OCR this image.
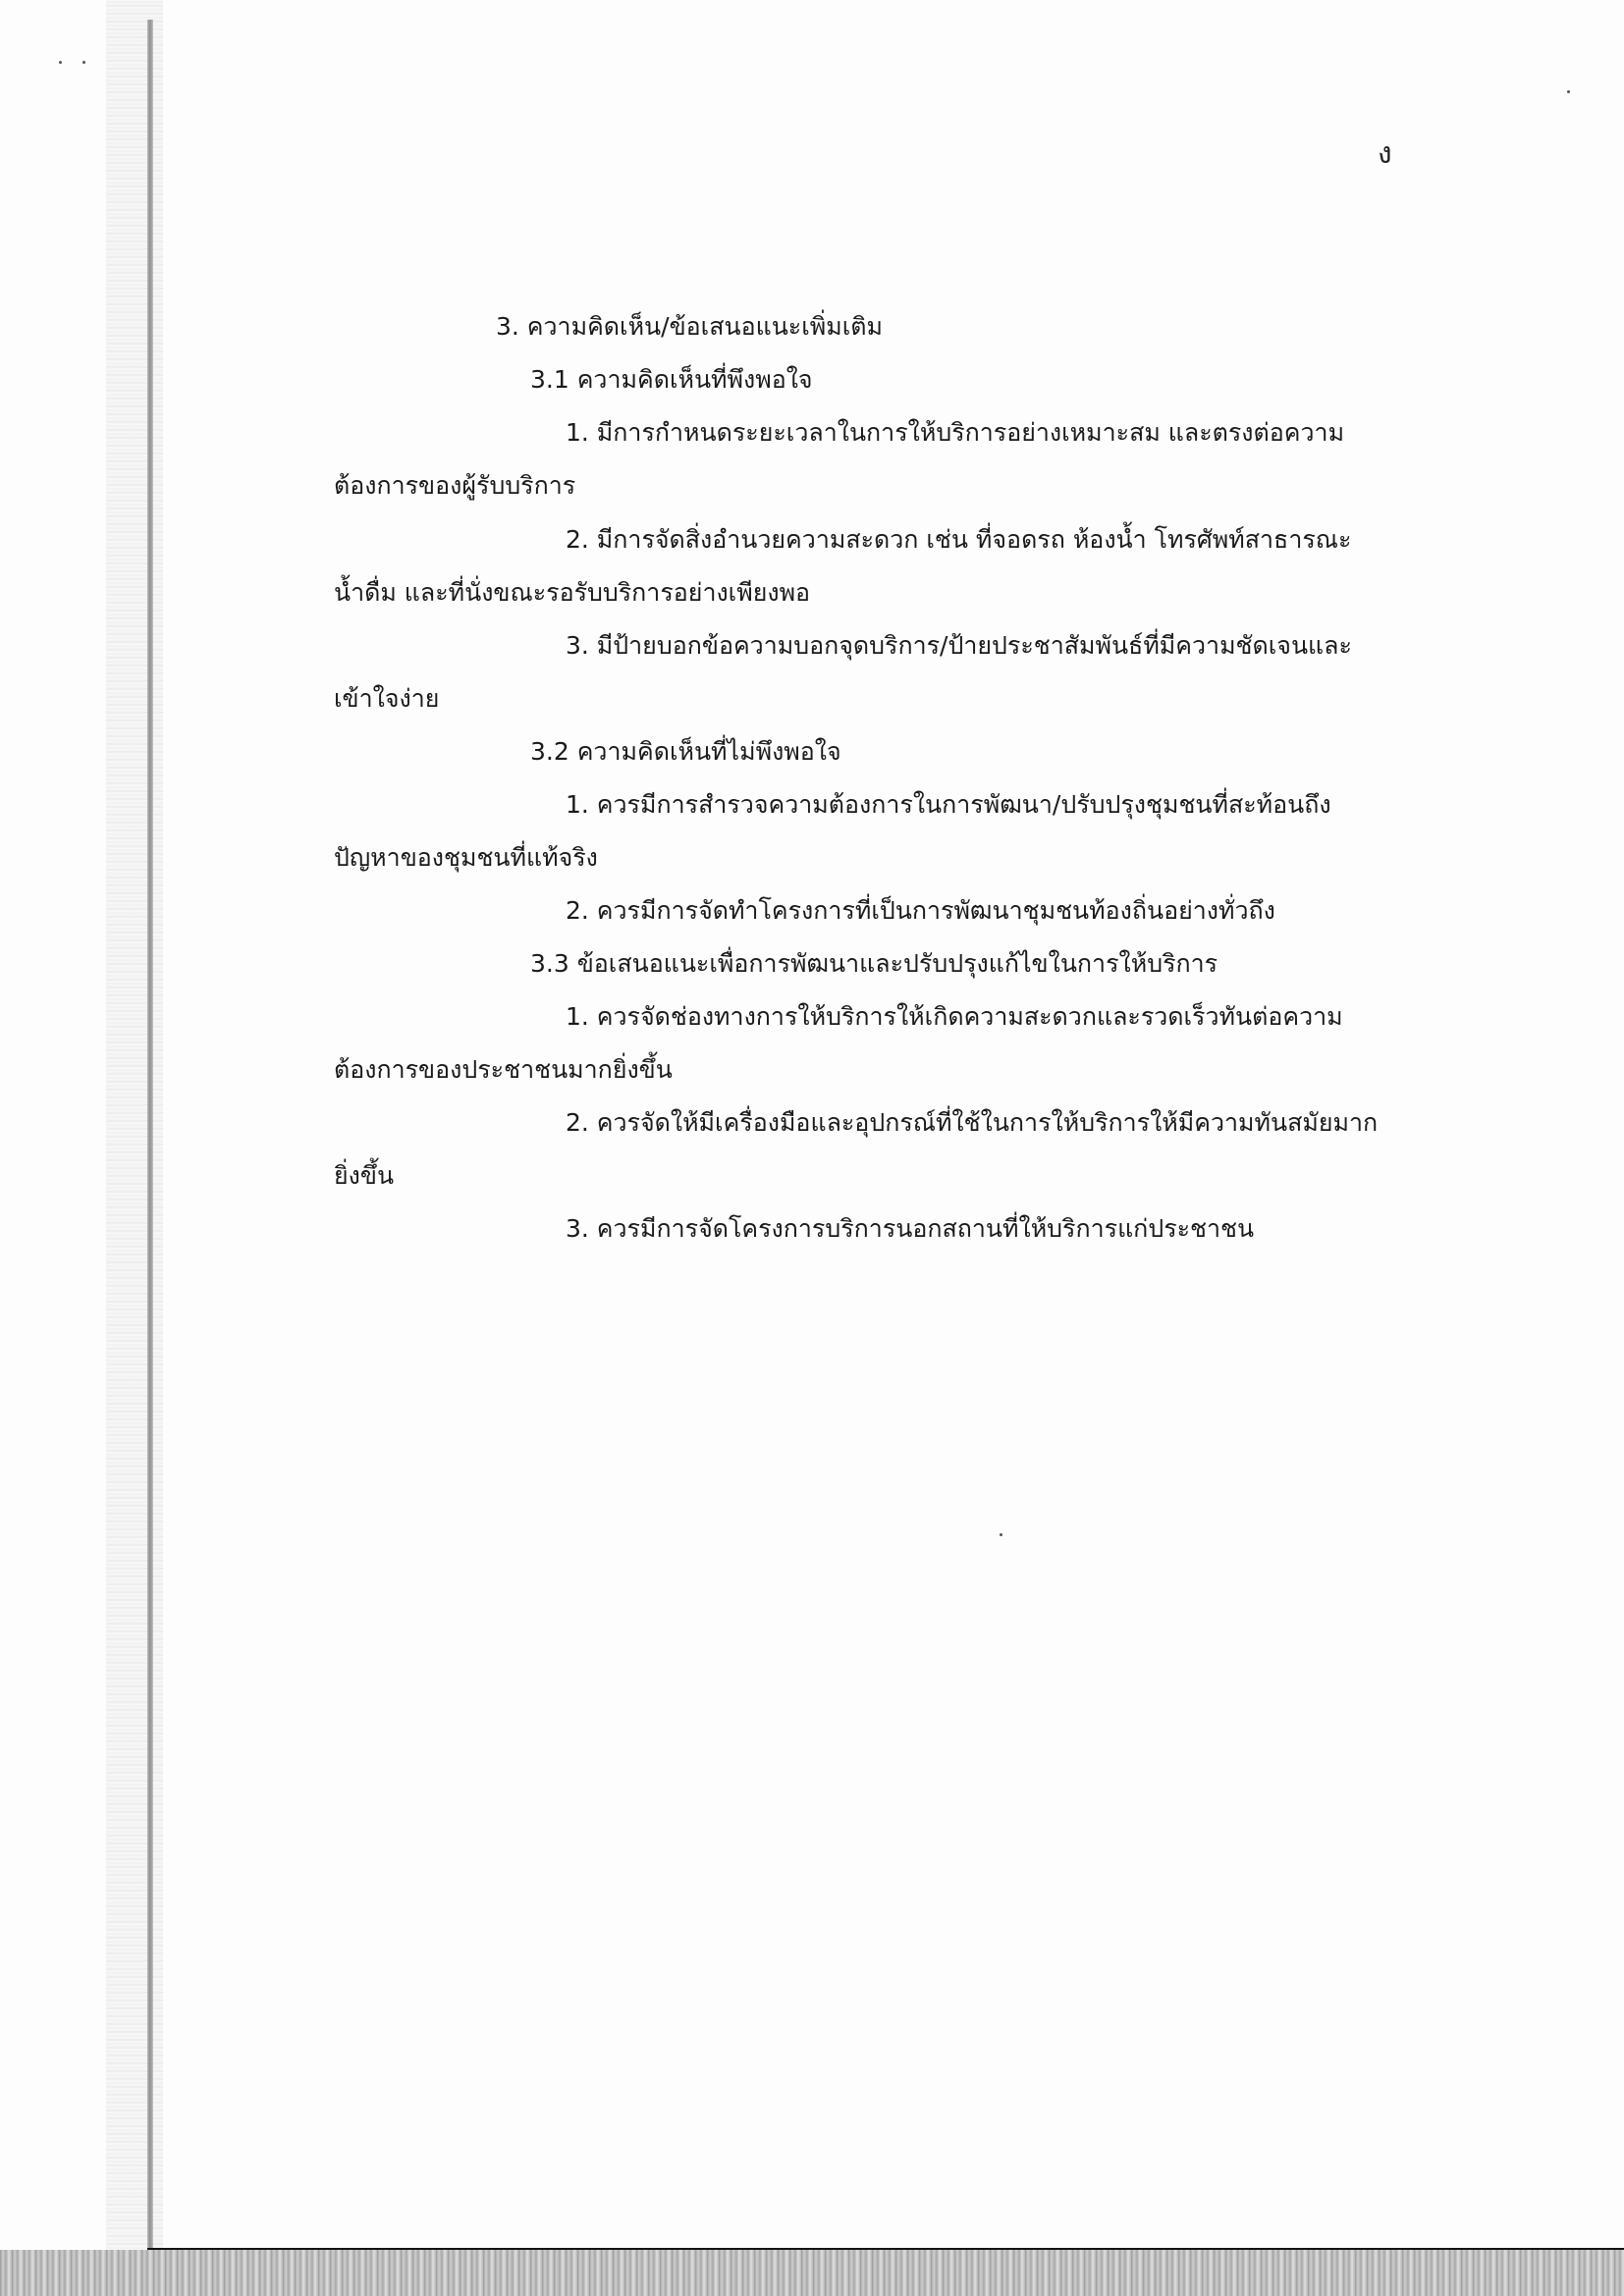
ง
3. ความคิดเห็น/ข้อเสนอแนะเพิ่มเติม
3.1 ความคิดเห็นที่พึงพอใจ
1. มีการกำหนดระยะเวลาในการให้บริการอย่างเหมาะสม และตรงต่อความ
ต้องการของผู้รับบริการ
2. มีการจัดสิ่งอำนวยความสะดวก เช่น ที่จอดรถ ห้องน้ำ โทรศัพท์สาธารณะ
น้ำดื่ม และที่นั่งขณะรอรับบริการอย่างเพียงพอ
3. มีป้ายบอกข้อความบอกจุดบริการ/ป้ายประชาสัมพันธ์ที่มีความชัดเจนและ
เข้าใจง่าย
3.2 ความคิดเห็นที่ไม่พึงพอใจ
1. ควรมีการสำรวจความต้องการในการพัฒนา/ปรับปรุงชุมชนที่สะท้อนถึง
ปัญหาของชุมชนที่แท้จริง
2. ควรมีการจัดทำโครงการที่เป็นการพัฒนาชุมชนท้องถิ่นอย่างทั่วถึง
3.3 ข้อเสนอแนะเพื่อการพัฒนาและปรับปรุงแก้ไขในการให้บริการ
1. ควรจัดช่องทางการให้บริการให้เกิดความสะดวกและรวดเร็วทันต่อความ
ต้องการของประชาชนมากยิ่งขึ้น
2. ควรจัดให้มีเครื่องมือและอุปกรณ์ที่ใช้ในการให้บริการให้มีความทันสมัยมาก
ยิ่งขึ้น
3. ควรมีการจัดโครงการบริการนอกสถานที่ให้บริการแก่ประชาชน
